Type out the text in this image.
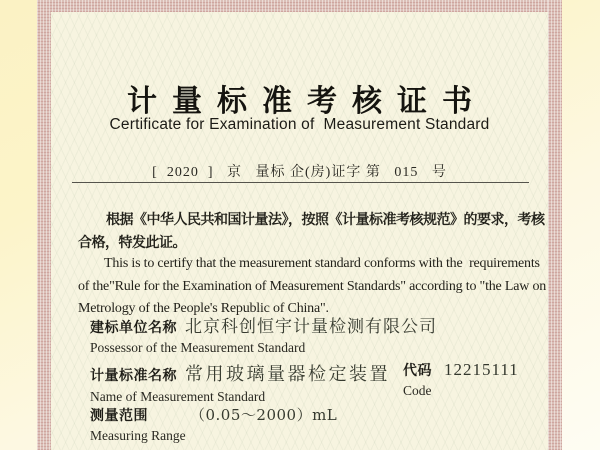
计量标准考核证书
Certificate for Examination of  Measurement Standard
[  2020  ]   京   量标 企(房)证字 第   015   号
根据《中华人民共和国计量法》，按照《计量标准考核规范》的要求，考核
合格，特发此证。
This is to certify that the measurement standard conforms with the  requirements
of the"Rule for the Examination of Measurement Standards" according to "the Law on
Metrology of the People's Republic of China".
建标单位名称 北京科创恒宇计量检测有限公司
Possessor of the Measurement Standard
计量标准名称 常用玻璃量器检定装置
Name of Measurement Standard
代码 12215111
Code
测量范围	（0.05～2000）mL
Measuring Range
